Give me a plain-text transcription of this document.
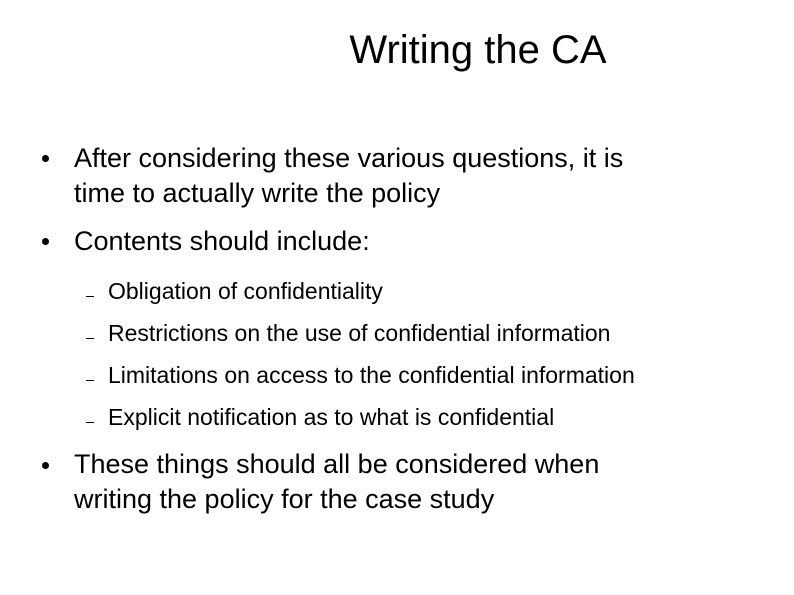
Writing the CA
After considering these various questions, it is
time to actually write the policy
Contents should include:
Obligation of confidentiality
Restrictions on the use of confidential information
Limitations on access to the confidential information
Explicit notification as to what is confidential
These things should all be considered when
writing the policy for the case study
